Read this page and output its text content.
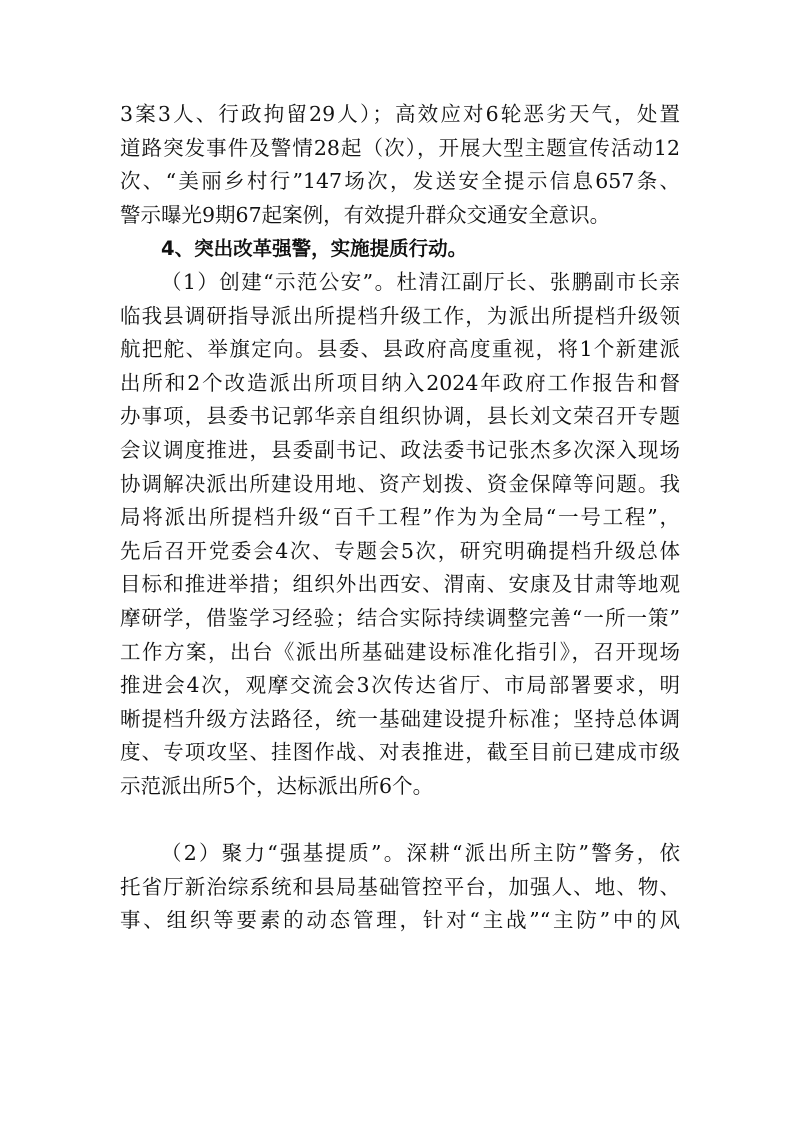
3案3人、行政拘留29人）；高效应对6轮恶劣天气，处置
道路突发事件及警情28起（次），开展大型主题宣传活动12
次、“美丽乡村行”147场次，发送安全提示信息657条、
警示曝光9期67起案例，有效提升群众交通安全意识。
4、突出改革强警，实施提质行动。
（1）创建“示范公安”。杜清江副厅长、张鹏副市长亲
临我县调研指导派出所提档升级工作，为派出所提档升级领
航把舵、举旗定向。县委、县政府高度重视，将1个新建派
出所和2个改造派出所项目纳入2024年政府工作报告和督
办事项，县委书记郭华亲自组织协调，县长刘文荣召开专题
会议调度推进，县委副书记、政法委书记张杰多次深入现场
协调解决派出所建设用地、资产划拨、资金保障等问题。我
局将派出所提档升级“百千工程”作为为全局“一号工程”，
先后召开党委会4次、专题会5次，研究明确提档升级总体
目标和推进举措；组织外出西安、渭南、安康及甘肃等地观
摩研学，借鉴学习经验；结合实际持续调整完善“一所一策”
工作方案，出台《派出所基础建设标准化指引》，召开现场
推进会4次，观摩交流会3次传达省厅、市局部署要求，明
晰提档升级方法路径，统一基础建设提升标准；坚持总体调
度、专项攻坚、挂图作战、对表推进，截至目前已建成市级
示范派出所5个，达标派出所6个。
（2）聚力“强基提质”。深耕“派出所主防”警务，依
托省厅新治综系统和县局基础管控平台，加强人、地、物、
事、组织等要素的动态管理，针对“主战”“主防”中的风
